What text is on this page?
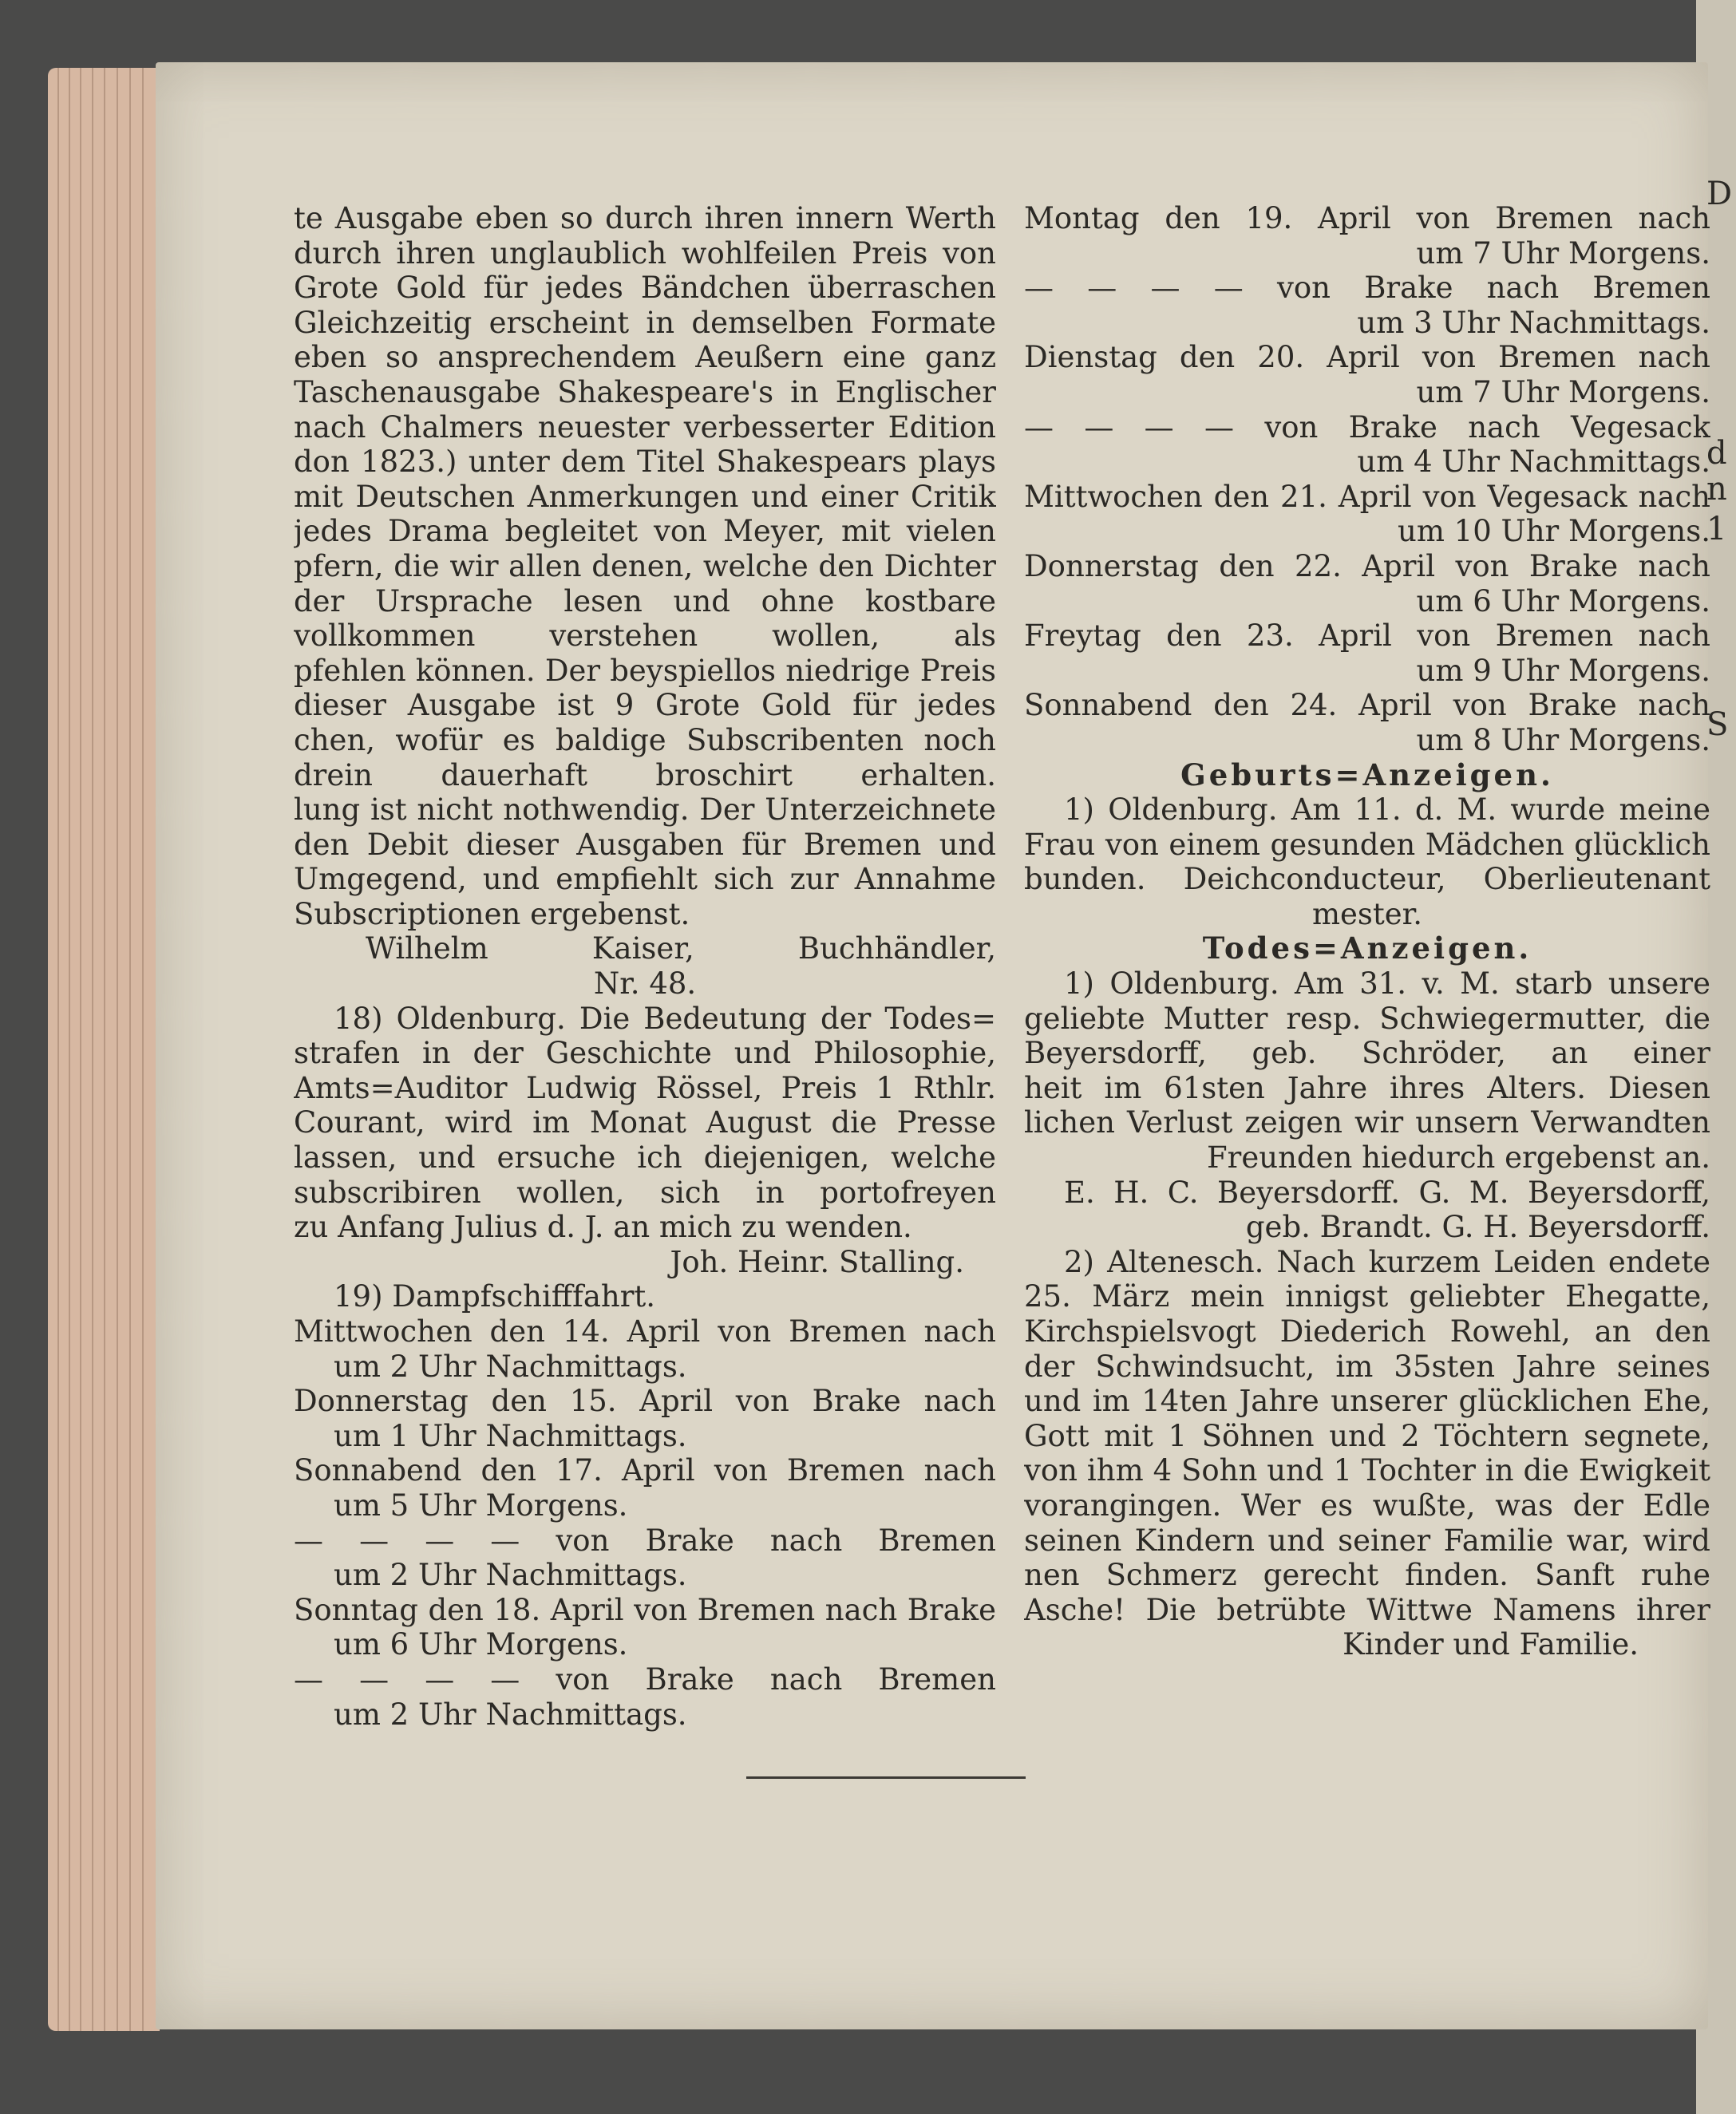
te Ausgabe eben so durch ihren innern Werth
durch ihren unglaublich wohlfeilen Preis von
Grote Gold für jedes Bändchen überraschen
Gleichzeitig erscheint in demselben Formate
eben so ansprechendem Aeußern eine ganz
Taschenausgabe Shakespeare's in Englischer
nach Chalmers neuester verbesserter Edition
don 1823.) unter dem Titel Shakespears plays
mit Deutschen Anmerkungen und einer Critik
jedes Drama begleitet von Meyer, mit vielen
pfern, die wir allen denen, welche den Dichter
der Ursprache lesen und ohne kostbare
vollkommen verstehen wollen, als
pfehlen können. Der beyspiellos niedrige Preis
dieser Ausgabe ist 9 Grote Gold für jedes
chen, wofür es baldige Subscribenten noch
drein dauerhaft broschirt erhalten.
lung ist nicht nothwendig. Der Unterzeichnete
den Debit dieser Ausgaben für Bremen und
Umgegend, und empfiehlt sich zur Annahme
Subscriptionen ergebenst.
Wilhelm Kaiser, Buchhändler,
Nr. 48.
18) Oldenburg. Die Bedeutung der Todes=
strafen in der Geschichte und Philosophie,
Amts=Auditor Ludwig Rössel, Preis 1 Rthlr.
Courant, wird im Monat August die Presse
lassen, und ersuche ich diejenigen, welche
subscribiren wollen, sich in portofreyen
zu Anfang Julius d. J. an mich zu wenden.
Joh. Heinr. Stalling.
19) Dampfschifffahrt.
Mittwochen den 14. April von Bremen nach
um 2 Uhr Nachmittags.
Donnerstag den 15. April von Brake nach
um 1 Uhr Nachmittags.
Sonnabend den 17. April von Bremen nach
um 5 Uhr Morgens.
— — — — von Brake nach Bremen
um 2 Uhr Nachmittags.
Sonntag den 18. April von Bremen nach Brake
um 6 Uhr Morgens.
— — — — von Brake nach Bremen
um 2 Uhr Nachmittags.
Montag den 19. April von Bremen nach
um 7 Uhr Morgens.
— — — — von Brake nach Bremen
um 3 Uhr Nachmittags.
Dienstag den 20. April von Bremen nach
um 7 Uhr Morgens.
— — — — von Brake nach Vegesack
um 4 Uhr Nachmittags.
Mittwochen den 21. April von Vegesack nach
um 10 Uhr Morgens.
Donnerstag den 22. April von Brake nach
um 6 Uhr Morgens.
Freytag den 23. April von Bremen nach
um 9 Uhr Morgens.
Sonnabend den 24. April von Brake nach
um 8 Uhr Morgens.
Geburts=Anzeigen.
1) Oldenburg. Am 11. d. M. wurde meine
Frau von einem gesunden Mädchen glücklich
bunden. Deichconducteur, Oberlieutenant
mester.
Todes=Anzeigen.
1) Oldenburg. Am 31. v. M. starb unsere
geliebte Mutter resp. Schwiegermutter, die
Beyersdorff, geb. Schröder, an einer
heit im 61sten Jahre ihres Alters. Diesen
lichen Verlust zeigen wir unsern Verwandten
Freunden hiedurch ergebenst an.
E. H. C. Beyersdorff. G. M. Beyersdorff,
geb. Brandt. G. H. Beyersdorff.
2) Altenesch. Nach kurzem Leiden endete
25. März mein innigst geliebter Ehegatte,
Kirchspielsvogt Diederich Rowehl, an den
der Schwindsucht, im 35sten Jahre seines
und im 14ten Jahre unserer glücklichen Ehe,
Gott mit 1 Söhnen und 2 Töchtern segnete,
von ihm 4 Sohn und 1 Tochter in die Ewigkeit
vorangingen. Wer es wußte, was der Edle
seinen Kindern und seiner Familie war, wird
nen Schmerz gerecht finden. Sanft ruhe
Asche! Die betrübte Wittwe Namens ihrer
Kinder und Familie.
D
d
n
1
S
